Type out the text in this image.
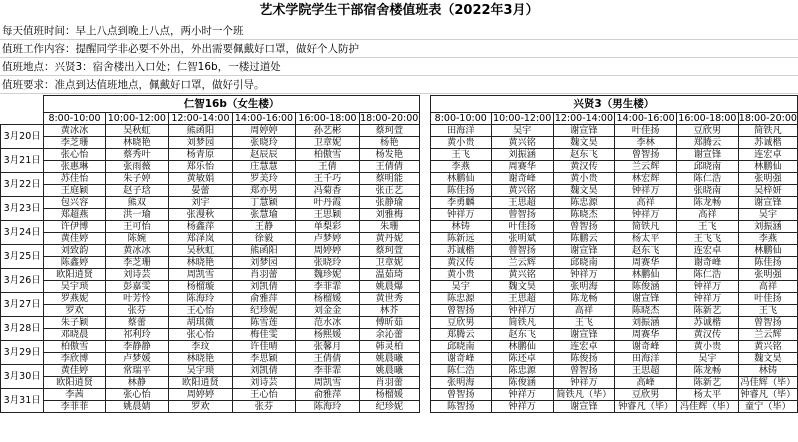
艺术学院学生干部宿舍楼值班表（2022年3月）
每天值班时间：早上八点到晚上八点，两小时一个班
值班工作内容：提醒同学非必要不外出，外出需要佩戴好口罩，做好个人防护
值班地点：兴贤3：宿舍楼出入口处；仁智16b，一楼过道处
值班要求：准点到达值班地点，佩戴好口罩，做好引导。
	仁智16b（女生楼）							兴贤3（男生楼）					
	8:00-10:00	10:00-12:00	12:00-14:00	14:00-16:00	16:00-18:00	18:00-20:00		8:00-10:00	10:00-12:00	12:00-14:00	14:00-16:00	16:00-18:00	18:00-20:00
3月20日	黄冰冰	吴秋虹	熊函阳	周婷婷	孙艺彬	蔡珂萱		田海洋	吴宇	谢宣锋	叶佳扬	豆欣男	简铁凡
	李芝珊	林晓艳	刘梦园	张晓玲	卫章妮	杨艳		黄小贵	黄兴铭	魏文昊	李林	郑腾云	苏诚楷
3月21日	张心怡	蔡秀叶	杨青原	赵辰辰	柏傲雪	杨发艳		王飞	刘振涵	赵东飞	曾智扬	谢宣锋	连宏卓
	张惠琳	张雨薇	郑乐怡	庄慧慧	王倩	王倩倩		李燕	周赛华	黄汉传	兰云辉	邱晓南	林鹏仙
3月22日	苏佳怡	朱子婷	黄敏娟	罗美玲	王千巧	蔡明能		林鹏仙	谢奇峰	黄小贵	林宏辉	陈仁浩	张明强
	王庭颖	赵子琀	晏蕾	郑亦男	冯菊香	张正艺		陈佳扬	黄兴铭	魏文昊	钟祥万	张晓南	吴梓妍
3月23日	包兴容	熊双	刘宇	丁慧颖	叶丹霞	张静瑜		李勇麟	王思超	陈忠源	高祥	陈龙畅	谢宣锋
	郑超燕	洪一瑜	张漫秋	张慧瑜	王思颖	刘雅梅		钟祥万	曾智扬	陈晓杰	钟祥万	高祥	吴宇
3月24日	许伊博	王可怡	杨鑫萍	王静	单梨彩	朱珊		林铸	叶佳扬	曾智扬	简铁凡	王飞	刘振涵
	黄佳婷	陈婉	郑泽岚	徐毅	卢梦婷	黄丹妮		陈新远	张明斌	陈鹏云	杨太平	王飞飞	李燕
3月25日	刘致韵	黄冰冰	吴秋虹	熊函阳	周婷婷	蔡珂萱		苏诚楷	曾智扬	谢宣锋	赵东飞	连宏卓	林鹏仙
	陈鑫婷	李芝珊	林晓艳	刘梦园	张晓玲	卫章妮		黄汉传	兰云辉	邱晓南	周赛华	谢奇峰	陈佳扬
3月26日	欧阳逍贤	刘诗芸	周凯雪	肖羽蕾	魏珍妮	温茹琦		黄小贵	黄兴铭	钟祥万	林鹏仙	陈仁浩	张明强
	吴宇琐	彭嘉雯	杨榴璇	刘凯倩	李菲霏	姚晨爆		吴宇	魏文昊	张明海	陈俊涵	钟祥万	高祥
3月27日	罗燕妮	叶芳怜	陈海玲	俞雅萍	杨榴媛	黄世秀		陈忠源	王思超	陈龙畅	谢宣锋	钟祥万	叶佳扬
	罗欢	张芬	王心怡	纪珍妮	刘金金	林芥		曾智扬	钟祥万	高祥	陈晓杰	陈新艺	王飞
3月28日	朱子颖	蔡蕾	胡琪微	陈雪莲	范水冰	傅昕茹		豆欣男	简铁凡	王飞	刘振涵	苏诚楷	曾智扬
	邓晓晨	祁利玲	张心怡	梅佳雯	杨熙媛	余沁蕾		郑腾云	赵东飞	谢宣锋	周赛华	黄汉传	兰云辉
3月29日	柏傲雪	李静静	李玟	许佳晴	张馨月	韩灵柏		邱晓南	林鹏仙	连宏卓	谢奇峰	黄小贵	黄兴铭
	李欣博	卢梦媛	林晓艳	李思颖	王倩倩	姚晨曦		谢奇峰	陈还卓	陈俊扬	田海洋	吴宇	魏文昊
3月30日	黄佳婷	常瑞平	吴宇琐	刘凯倩	李菲霏	姚晨曦		陈仁浩	陈忠源	曾智扬	王思超	陈龙畅	林铸
	欧阳逍贤	林静	欧阳逍贤	刘诗芸	周凯雪	肖羽蕾		张明海	陈俊涵	钟祥万	高峰	陈新艺	冯佳辉（毕）
3月31日	李茜	张心怡	周婷婷	王心怡	俞雅萍	杨榴媛		曾智扬	钟祥万	简铁凡（毕）	豆欣男	杨太平	钟睿凡（毕）
	李菲菲	姚晨婧	罗欢	张芬	陈海玲	纪珍妮		陈智扬	钟祥万	谢宣锋	钟睿凡（毕）	冯佳辉（毕）	童宁（毕）
